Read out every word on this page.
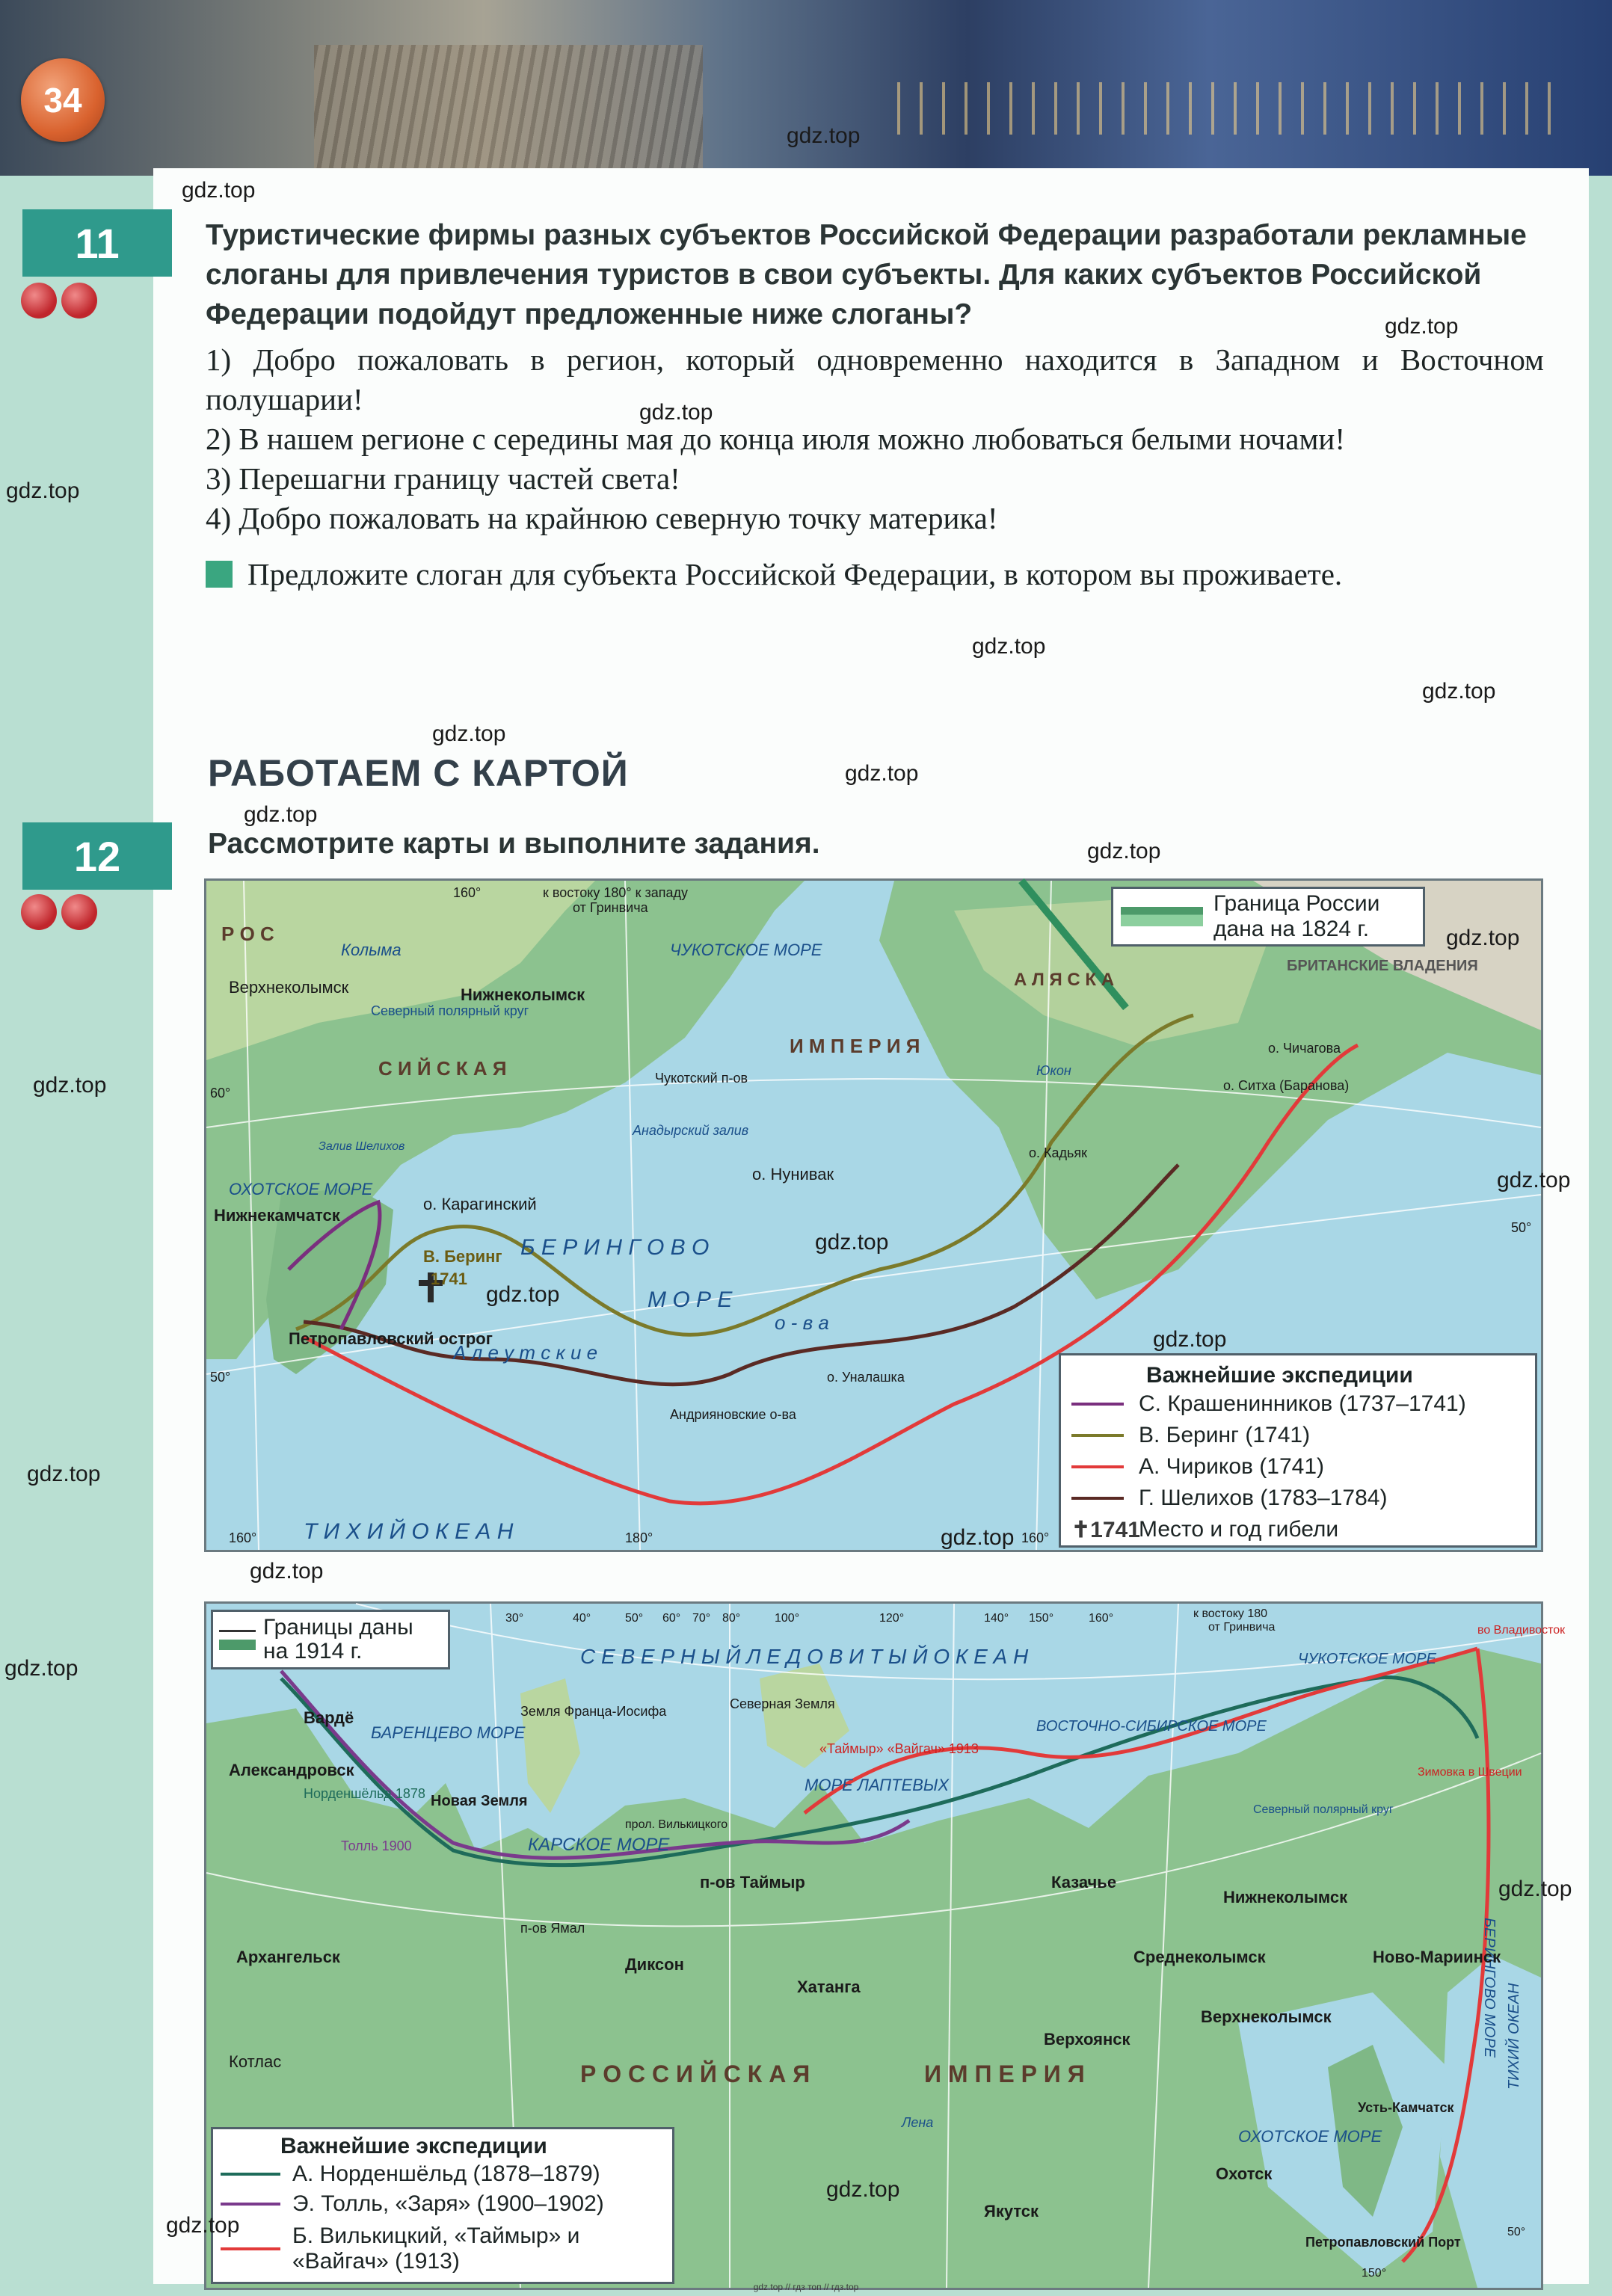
34
11	Туристические фирмы разных субъектов Российской Федерации разработали рекламные слоганы для привлечения туристов в свои субъекты. Для каких субъектов Российской Федерации подойдут предложенные ниже слоганы?

1) Добро пожаловать в регион, который одновременно находится в Западном и Восточном полушарии!

2) В нашем регионе с середины мая до конца июля можно любоваться белыми ночами!

3) Перешагни границу частей света!

4) Добро пожаловать на крайнюю северную точку материка!

Предложите слоган для субъекта Российской Федерации, в котором вы проживаете.

РАБОТАЕМ С КАРТОЙ
12	Рассмотрите карты и выполните задания.
Р О С
С И Й С К А Я
И М П Е Р И Я
А Л Я С К А
ЧУКОТСКОЕ МОРЕ
ОХОТСКОЕ МОРЕ
Б Е Р И Н Г О В О
М О Р Е
Т И Х И Й О К Е А Н
А л е у т с к и е
о - в а
Верхнеколымск	Нижнеколымск
Колыма
Северный полярный круг
Чукотский п-ов
Анадырский залив
о. Нунивак
о. Карагинский
Нижнекамчатск
Петропавловский острог
В. Беринг
1741
Андрияновские о-ва
о. Уналашка
о. Кадьяк
о. Ситха (Баранова)
о. Чичагова
Юкон
Залив Шелихов
БРИТАНСКИЕ ВЛАДЕНИЯ
к востоку 180° к западу
от Гринвича
160°
160°	160°
180°
60°
50°
50°
Граница России дана на 1824 г.
Важнейшие экспедиции
С. Крашенинников (1737–1741)
В. Беринг (1741)
А. Чириков (1741)
Г. Шелихов (1783–1784)
✝1741
Место и год гибели
С Е В Е Р Н Ы Й Л Е Д О В И Т Ы Й О К Е А Н
БАРЕНЦЕВО МОРЕ
КАРСКОЕ МОРЕ
МОРЕ ЛАПТЕВЫХ
ВОСТОЧНО-СИБИРСКОЕ МОРЕ
ЧУКОТСКОЕ МОРЕ
БЕРИНГОВО МОРЕ
ОХОТСКОЕ МОРЕ
ТИХИЙ ОКЕАН
Р О С С И Й С К А Я	И М П Е Р И Я
Земля Франца-Иосифа
Новая Земля
Северная Земля
п-ов Ямал
п-ов Таймыр
прол. Вилькицкого
Архангельск
Александровск
Вардё
Котлас
Диксон
Хатанга
Казачье
Верхоянск
Якутск
Охотск
Среднеколымск
Верхнеколымск
Нижнеколымск
Ново-Мариинск
Усть-Камчатск
Петропавловский Порт
Зимовка в Швеции
во Владивосток
«Таймыр» «Вайгач» 1913
Толль 1900
Норденшёльд 1878
Северный полярный круг
Лена
к востоку 180
от Гринвича
30°	40°	50° 60° 70° 80°	100°	120°	140° 150°	160°
150°
50°
Границы даны на 1914 г.
Важнейшие экспедиции
А. Норденшёльд (1878–1879)
Э. Толль, «Заря» (1900–1902)
Б. Вилькицкий, «Таймыр» и «Вайгач» (1913)
gdz.top
gdz.top
gdz.top
gdz.top
gdz.top
gdz.top
gdz.top
gdz.top
gdz.top
gdz.top
gdz.top
gdz.top
gdz.top
gdz.top
gdz.top
gdz.top
gdz.top
gdz.top
gdz.top
gdz.top
gdz.top
gdz.top
gdz.top
gdz.top
gdz.top // гдз топ // гдз.top
